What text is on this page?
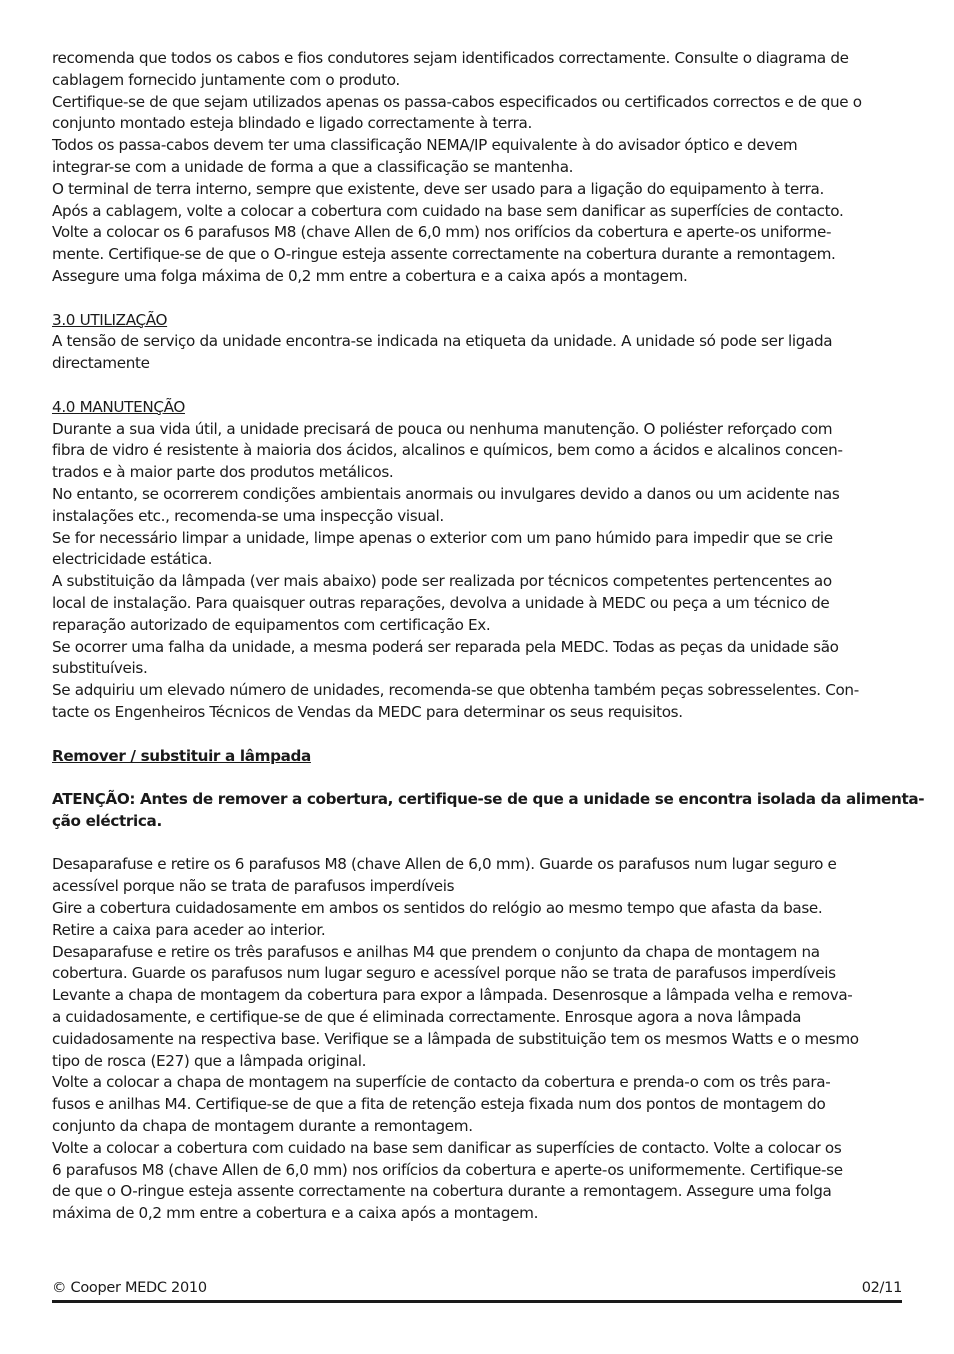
recomenda que todos os cabos e fios condutores sejam identificados correctamente. Consulte o diagrama de
cablagem fornecido juntamente com o produto.
Certifique-se de que sejam utilizados apenas os passa-cabos especificados ou certificados correctos e de que o
conjunto montado esteja blindado e ligado correctamente à terra.
Todos os passa-cabos devem ter uma classificação NEMA/IP equivalente à do avisador óptico e devem
integrar-se com a unidade de forma a que a classificação se mantenha.
O terminal de terra interno, sempre que existente, deve ser usado para a ligação do equipamento à terra.
Após a cablagem, volte a colocar a cobertura com cuidado na base sem danificar as superfícies de contacto.
Volte a colocar os 6 parafusos M8 (chave Allen de 6,0 mm) nos orifícios da cobertura e aperte-os uniforme-
mente. Certifique-se de que o O-ringue esteja assente correctamente na cobertura durante a remontagem.
Assegure uma folga máxima de 0,2 mm entre a cobertura e a caixa após a montagem.
3.0 UTILIZAÇÃO
A tensão de serviço da unidade encontra-se indicada na etiqueta da unidade. A unidade só pode ser ligada
directamente
4.0 MANUTENÇÃO
Durante a sua vida útil, a unidade precisará de pouca ou nenhuma manutenção. O poliéster reforçado com
fibra de vidro é resistente à maioria dos ácidos, alcalinos e químicos, bem como a ácidos e alcalinos concen-
trados e à maior parte dos produtos metálicos.
No entanto, se ocorrerem condições ambientais anormais ou invulgares devido a danos ou um acidente nas
instalações etc., recomenda-se uma inspecção visual.
Se for necessário limpar a unidade, limpe apenas o exterior com um pano húmido para impedir que se crie
electricidade estática.
A substituição da lâmpada (ver mais abaixo) pode ser realizada por técnicos competentes pertencentes ao
local de instalação. Para quaisquer outras reparações, devolva a unidade à MEDC ou peça a um técnico de
reparação autorizado de equipamentos com certificação Ex.
Se ocorrer uma falha da unidade, a mesma poderá ser reparada pela MEDC. Todas as peças da unidade são
substituíveis.
Se adquiriu um elevado número de unidades, recomenda-se que obtenha também peças sobresselentes. Con-
tacte os Engenheiros Técnicos de Vendas da MEDC para determinar os seus requisitos.
Remover / substituir a lâmpada
ATENÇÃO: Antes de remover a cobertura, certifique-se de que a unidade se encontra isolada da alimenta-
ção eléctrica.
Desaparafuse e retire os 6 parafusos M8 (chave Allen de 6,0 mm). Guarde os parafusos num lugar seguro e
acessível porque não se trata de parafusos imperdíveis
Gire a cobertura cuidadosamente em ambos os sentidos do relógio ao mesmo tempo que afasta da base.
Retire a caixa para aceder ao interior.
Desaparafuse e retire os três parafusos e anilhas M4 que prendem o conjunto da chapa de montagem na
cobertura. Guarde os parafusos num lugar seguro e acessível porque não se trata de parafusos imperdíveis
Levante a chapa de montagem da cobertura para expor a lâmpada. Desenrosque a lâmpada velha e remova-
a cuidadosamente, e certifique-se de que é eliminada correctamente. Enrosque agora a nova lâmpada
cuidadosamente na respectiva base. Verifique se a lâmpada de substituição tem os mesmos Watts e o mesmo
tipo de rosca (E27) que a lâmpada original.
Volte a colocar a chapa de montagem na superfície de contacto da cobertura e prenda-o com os três para-
fusos e anilhas M4. Certifique-se de que a fita de retenção esteja fixada num dos pontos de montagem do
conjunto da chapa de montagem durante a remontagem.
Volte a colocar a cobertura com cuidado na base sem danificar as superfícies de contacto. Volte a colocar os
6 parafusos M8 (chave Allen de 6,0 mm) nos orifícios da cobertura e aperte-os uniformemente. Certifique-se
de que o O-ringue esteja assente correctamente na cobertura durante a remontagem. Assegure uma folga
máxima de 0,2 mm entre a cobertura e a caixa após a montagem.
© Cooper MEDC 2010	02/11
